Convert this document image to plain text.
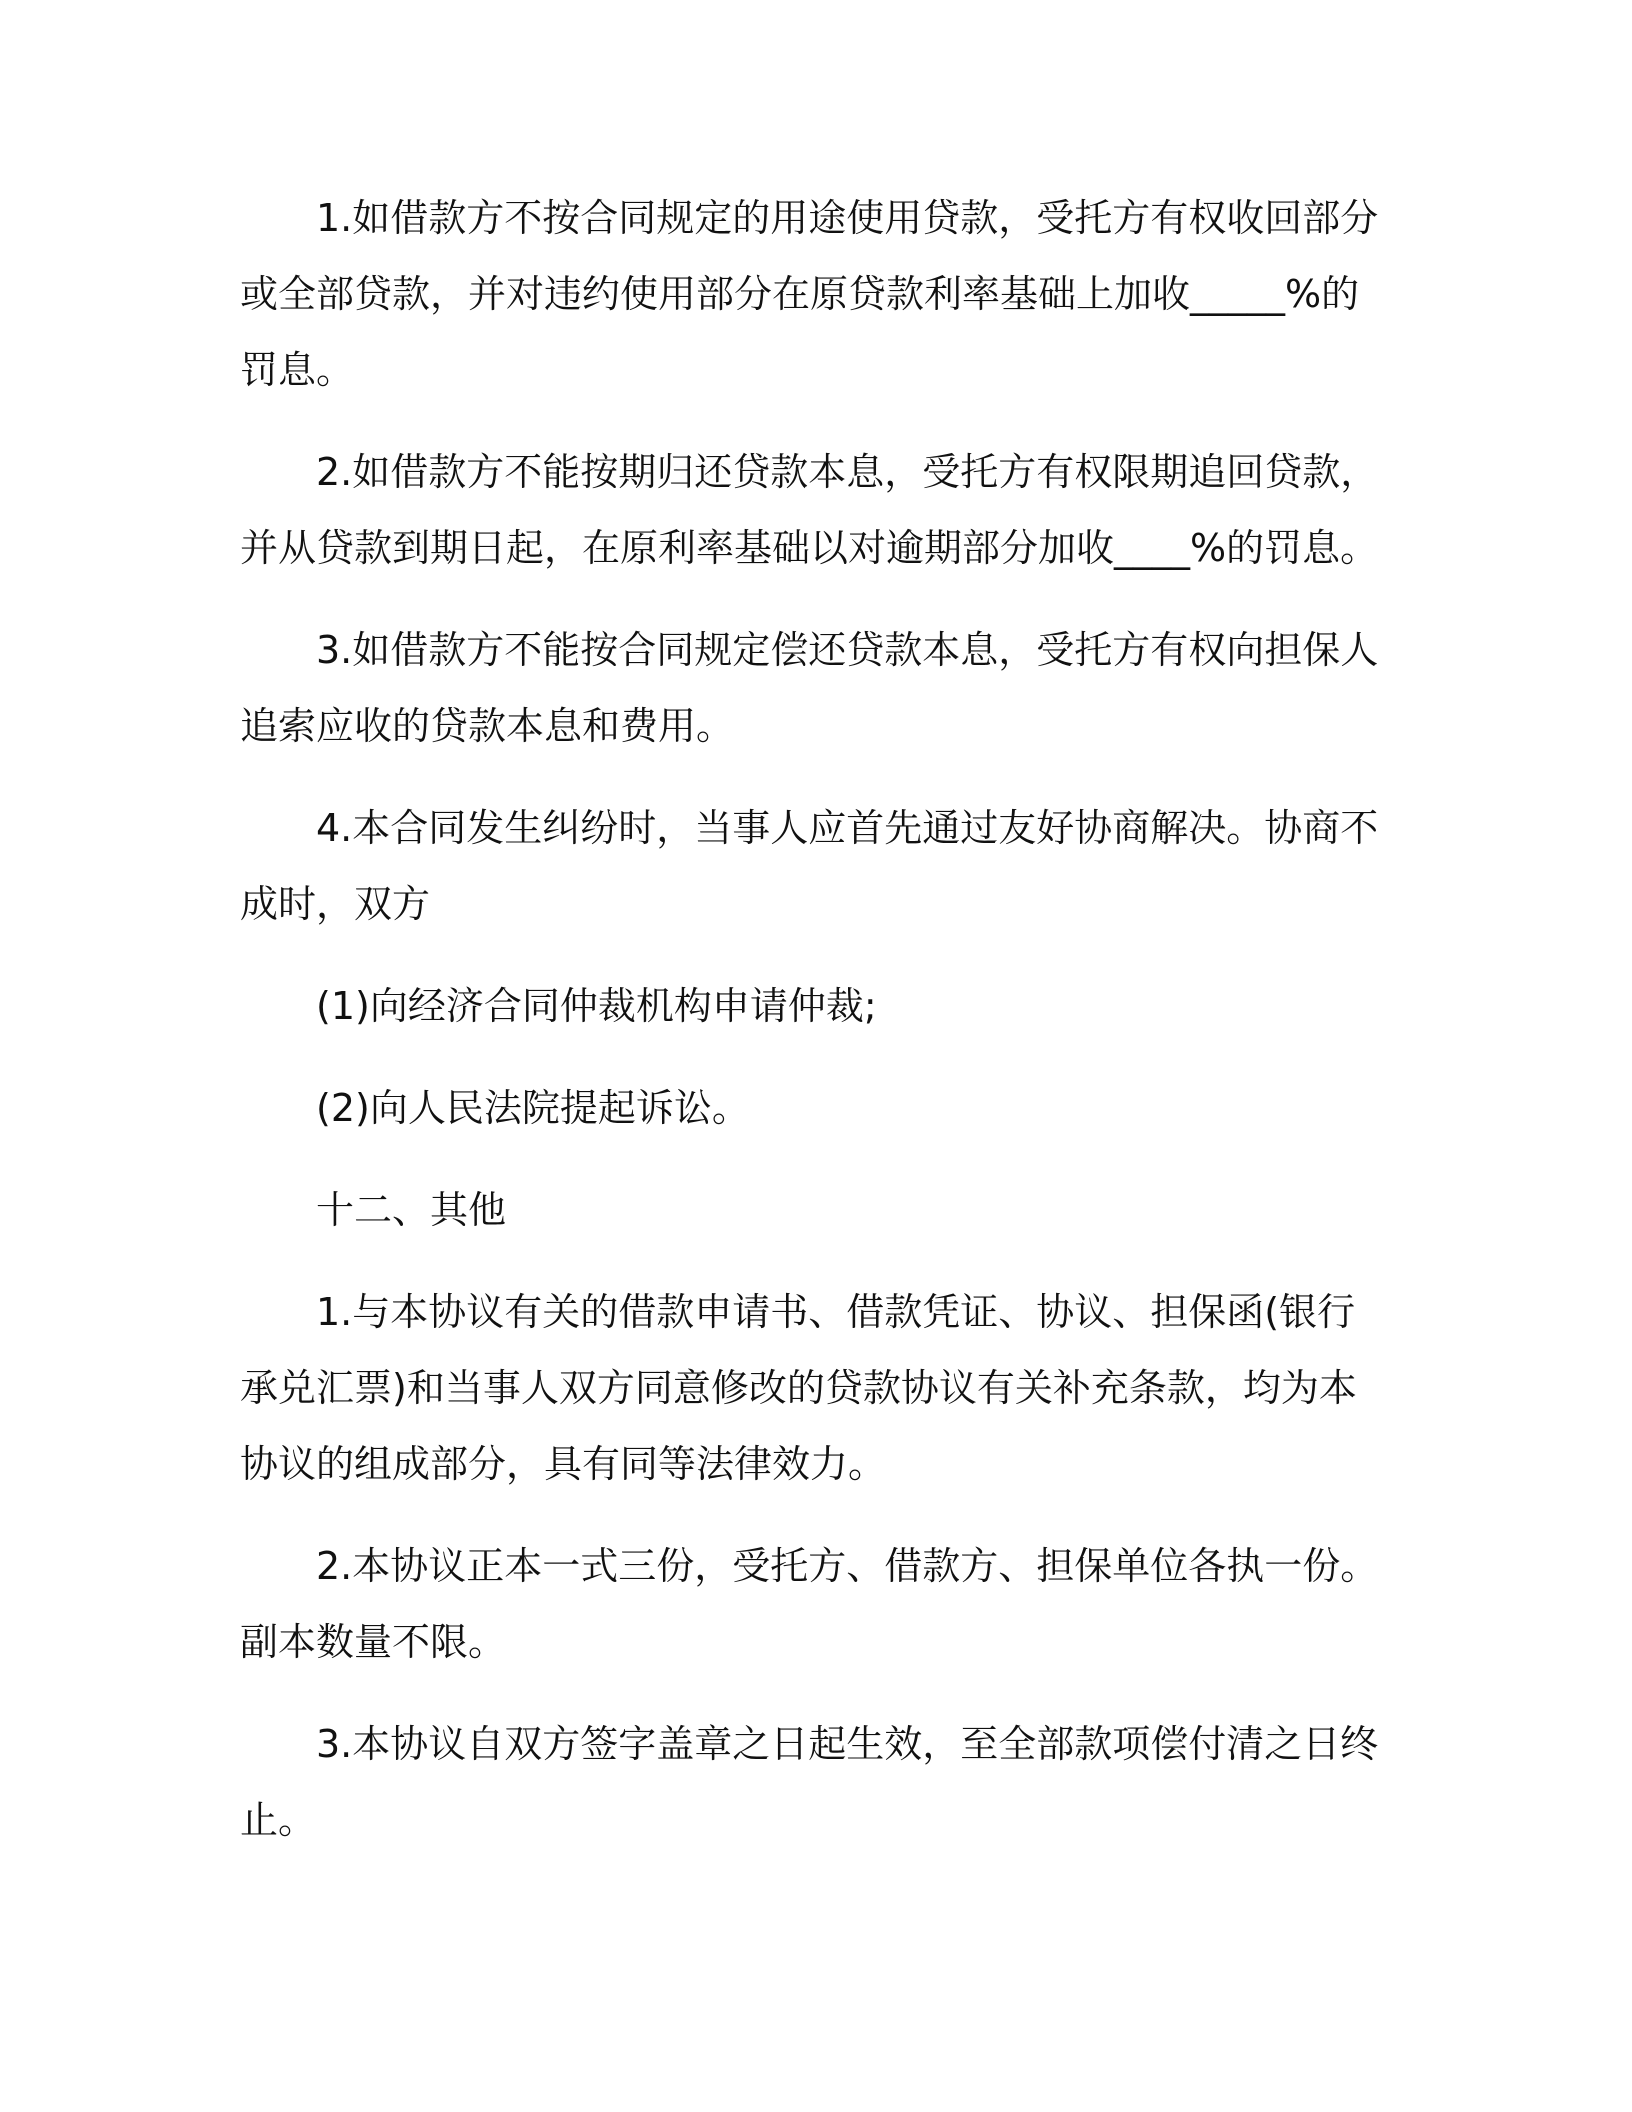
1.如借款方不按合同规定的用途使用贷款，受托方有权收回部分或全部贷款，并对违约使用部分在原贷款利率基础上加收_____%的罚息。

2.如借款方不能按期归还贷款本息，受托方有权限期追回贷款，并从贷款到期日起，在原利率基础以对逾期部分加收____%的罚息。

3.如借款方不能按合同规定偿还贷款本息，受托方有权向担保人追索应收的贷款本息和费用。

4.本合同发生纠纷时，当事人应首先通过友好协商解决。协商不成时，双方

(1)向经济合同仲裁机构申请仲裁;

(2)向人民法院提起诉讼。

十二、其他

1.与本协议有关的借款申请书、借款凭证、协议、担保函(银行承兑汇票)和当事人双方同意修改的贷款协议有关补充条款，均为本协议的组成部分，具有同等法律效力。

2.本协议正本一式三份，受托方、借款方、担保单位各执一份。副本数量不限。

3.本协议自双方签字盖章之日起生效，至全部款项偿付清之日终止。
